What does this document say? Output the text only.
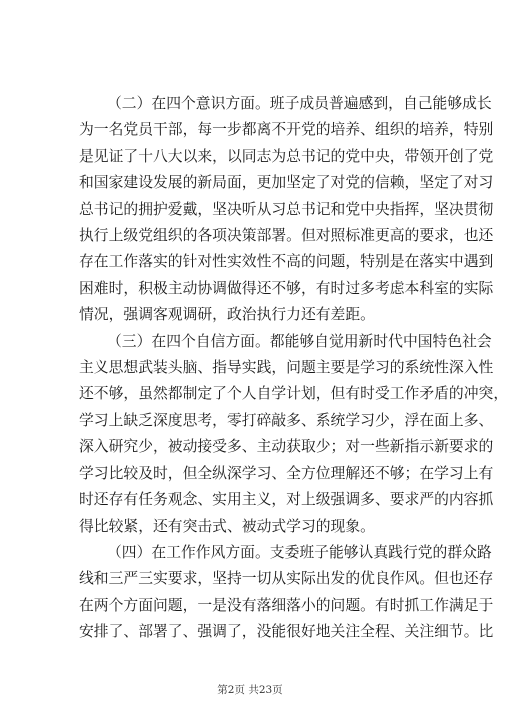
（二）在四个意识方面。班子成员普遍感到，自己能够成长
为一名党员干部，每一步都离不开党的培养、组织的培养，特别
是见证了十八大以来，以同志为总书记的党中央，带领开创了党
和国家建设发展的新局面，更加坚定了对党的信赖，坚定了对习
总书记的拥护爱戴，坚决听从习总书记和党中央指挥，坚决贯彻
执行上级党组织的各项决策部署。但对照标准更高的要求，也还
存在工作落实的针对性实效性不高的问题，特别是在落实中遇到
困难时，积极主动协调做得还不够，有时过多考虑本科室的实际
情况，强调客观调研，政治执行力还有差距。

（三）在四个自信方面。都能够自觉用新时代中国特色社会
主义思想武装头脑、指导实践，问题主要是学习的系统性深入性
还不够，虽然都制定了个人自学计划，但有时受工作矛盾的冲突，
学习上缺乏深度思考，零打碎敲多、系统学习少，浮在面上多、
深入研究少，被动接受多、主动获取少；对一些新指示新要求的
学习比较及时，但全纵深学习、全方位理解还不够；在学习上有
时还存有任务观念、实用主义，对上级强调多、要求严的内容抓
得比较紧，还有突击式、被动式学习的现象。

（四）在工作作风方面。支委班子能够认真践行党的群众路
线和三严三实要求，坚持一切从实际出发的优良作风。但也还存
在两个方面问题，一是没有落细落小的问题。有时抓工作满足于
安排了、部署了、强调了，没能很好地关注全程、关注细节。比

第2页 共23页
